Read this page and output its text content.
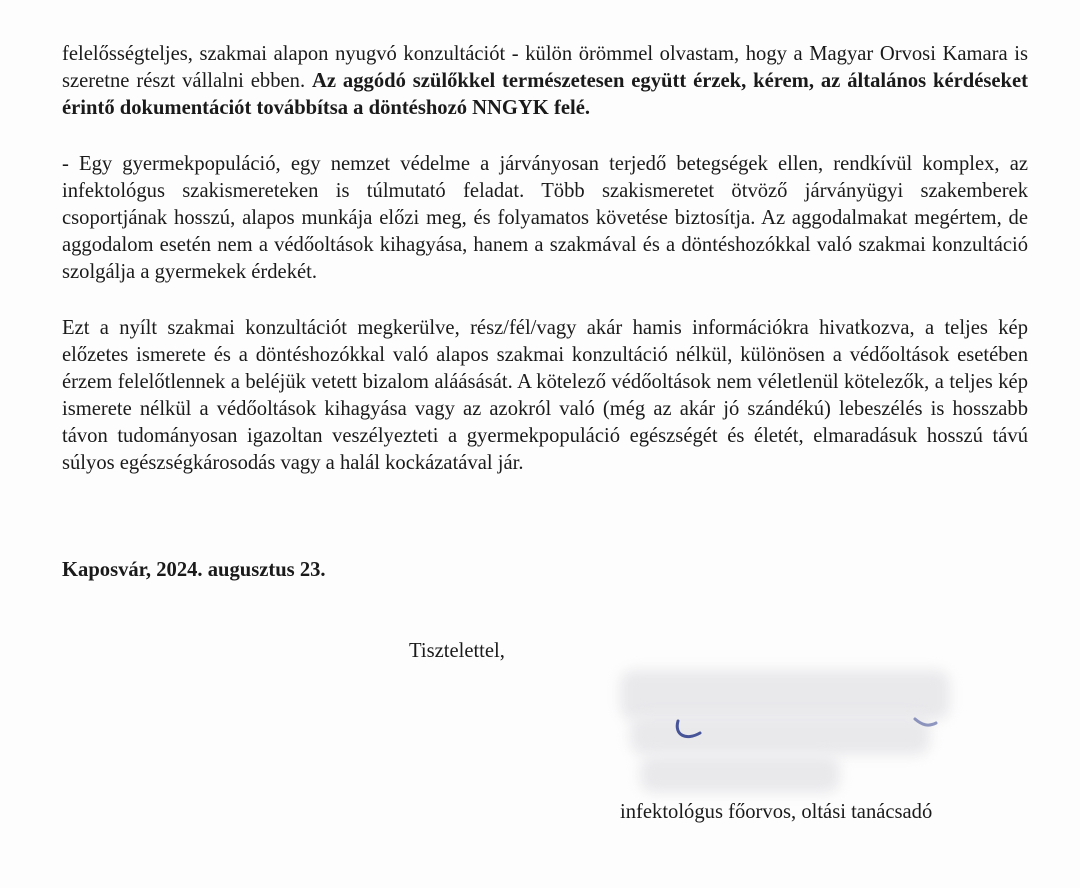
felelősségteljes, szakmai alapon nyugvó konzultációt - külön örömmel olvastam, hogy a Magyar Orvosi Kamara is szeretne részt vállalni ebben. Az aggódó szülőkkel természetesen együtt érzek, kérem, az általános kérdéseket érintő dokumentációt továbbítsa a döntéshozó NNGYK felé.

- Egy gyermekpopuláció, egy nemzet védelme a járványosan terjedő betegségek ellen, rendkívül komplex, az infektológus szakismereteken is túlmutató feladat. Több szakismeretet ötvöző járványügyi szakemberek csoportjának hosszú, alapos munkája előzi meg, és folyamatos követése biztosítja. Az aggodalmakat megértem, de aggodalom esetén nem a védőoltások kihagyása, hanem a szakmával és a döntéshozókkal való szakmai konzultáció szolgálja a gyermekek érdekét.

Ezt a nyílt szakmai konzultációt megkerülve, rész/fél/vagy akár hamis információkra hivatkozva, a teljes kép előzetes ismerete és a döntéshozókkal való alapos szakmai konzultáció nélkül, különösen a védőoltások esetében érzem felelőtlennek a beléjük vetett bizalom aláásását. A kötelező védőoltások nem véletlenül kötelezők, a teljes kép ismerete nélkül a védőoltások kihagyása vagy az azokról való (még az akár jó szándékú) lebeszélés is hosszabb távon tudományosan igazoltan veszélyezteti a gyermekpopuláció egészségét és életét, elmaradásuk hosszú távú súlyos egészségkárosodás vagy a halál kockázatával jár.

Kaposvár, 2024. augusztus 23.

Tisztelettel,

infektológus főorvos, oltási tanácsadó
